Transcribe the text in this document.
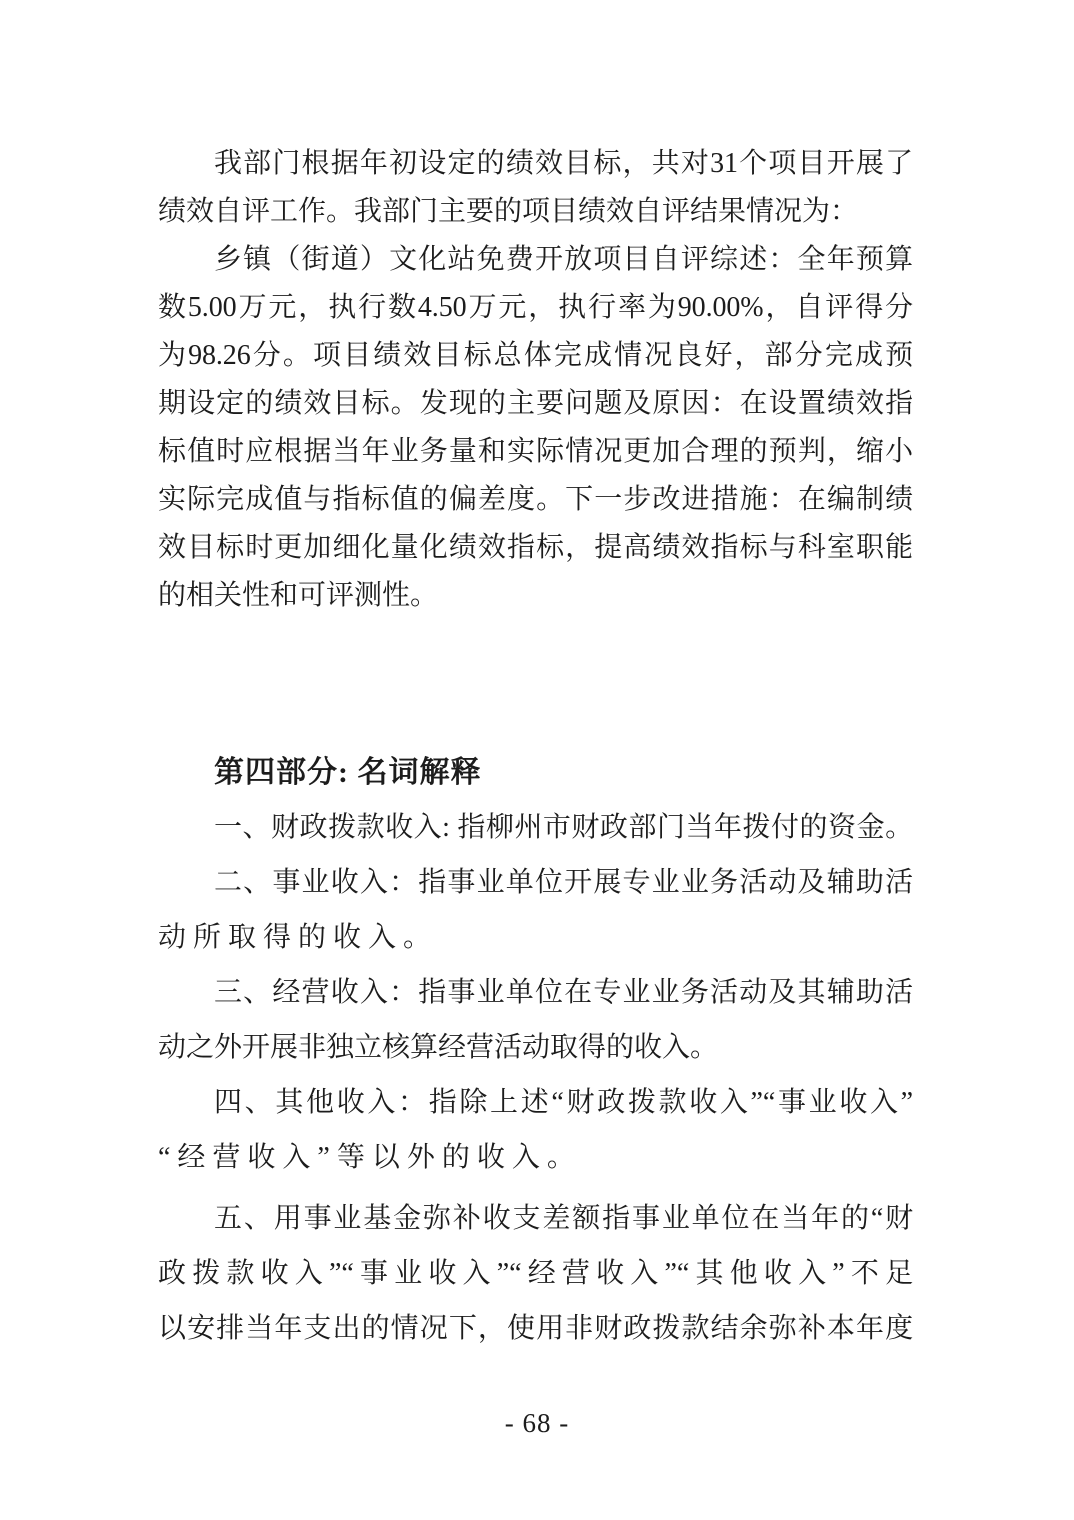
我部门根据年初设定的绩效目标，共对31个项目开展了
绩效自评工作。我部门主要的项目绩效自评结果情况为：
乡镇（街道）文化站免费开放项目自评综述：全年预算
数5.00万元，执行数4.50万元，执行率为90.00%，自评得分
为98.26分。项目绩效目标总体完成情况良好，部分完成预
期设定的绩效目标。发现的主要问题及原因：在设置绩效指
标值时应根据当年业务量和实际情况更加合理的预判，缩小
实际完成值与指标值的偏差度。下一步改进措施：在编制绩
效目标时更加细化量化绩效指标，提高绩效指标与科室职能
的相关性和可评测性。
第四部分: 名词解释
一、财政拨款收入: 指柳州市财政部门当年拨付的资金。
二、事业收入：指事业单位开展专业业务活动及辅助活
动所取得的收入。
三、经营收入：指事业单位在专业业务活动及其辅助活
动之外开展非独立核算经营活动取得的收入。
四、其他收入：指除上述“财政拨款收入”“事业收入”
“经营收入”等以外的收入。
五、用事业基金弥补收支差额指事业单位在当年的“财
政拨款收入”“事业收入”“经营收入”“其他收入”不足
以安排当年支出的情况下，使用非财政拨款结余弥补本年度
- 68 -
